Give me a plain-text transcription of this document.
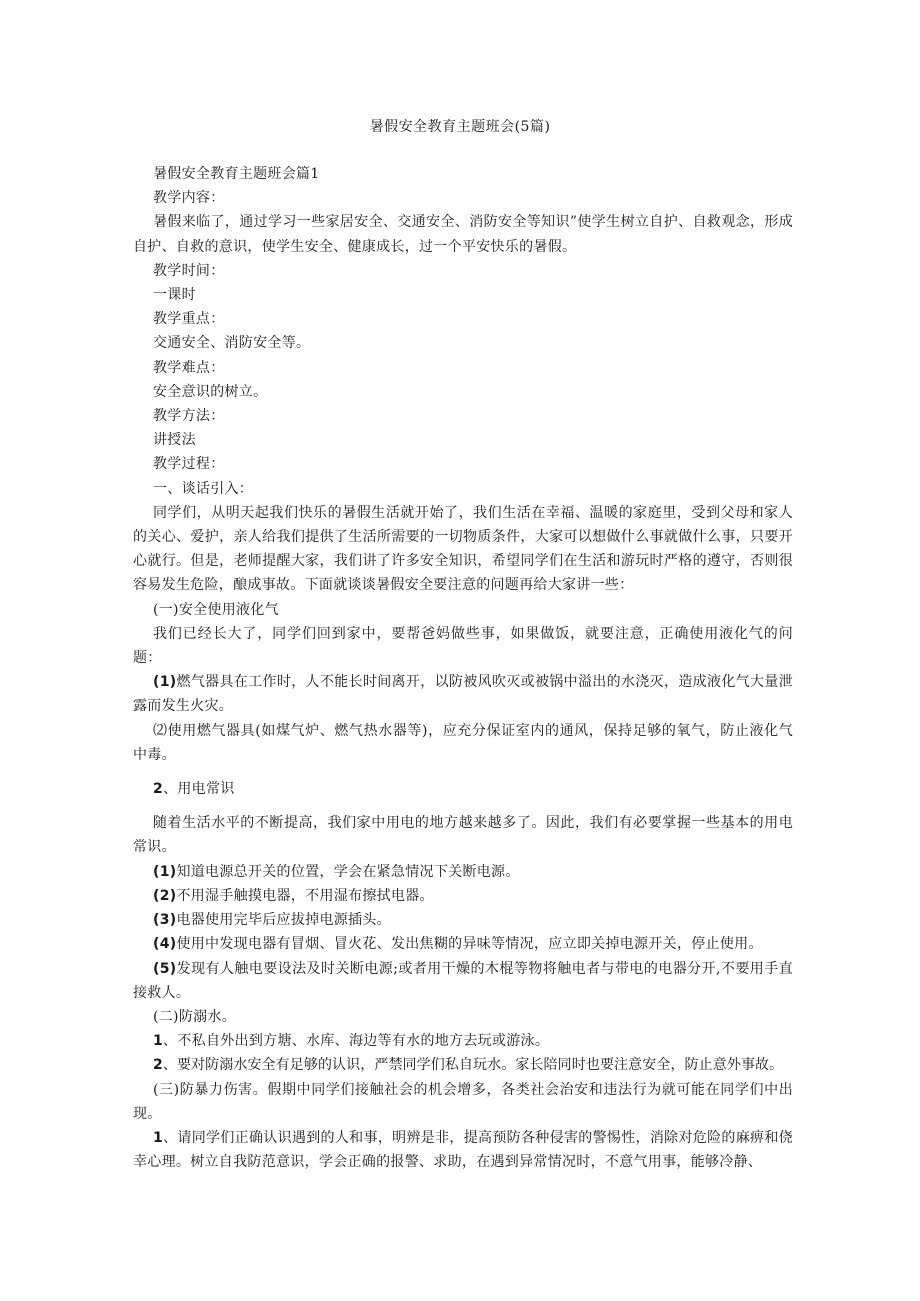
暑假安全教育主题班会(5篇)

暑假安全教育主题班会篇1

教学内容：

暑假来临了，通过学习一些家居安全、交通安全、消防安全等知识”使学生树立自护、自救观念，形成自护、自救的意识，使学生安全、健康成长，过一个平安快乐的暑假。

教学时间：

一课时

教学重点：

交通安全、消防安全等。

教学难点：

安全意识的树立。

教学方法：

讲授法

教学过程：

一、谈话引入：

同学们，从明天起我们快乐的暑假生活就开始了，我们生活在幸福、温暖的家庭里，受到父母和家人的关心、爱护，亲人给我们提供了生活所需要的一切物质条件，大家可以想做什么事就做什么事，只要开心就行。但是，老师提醒大家，我们讲了许多安全知识，希望同学们在生活和游玩时严格的遵守，否则很容易发生危险，酿成事故。下面就谈谈暑假安全要注意的问题再给大家讲一些：

(一)安全使用液化气

我们已经长大了，同学们回到家中，要帮爸妈做些事，如果做饭，就要注意，正确使用液化气的问题：

(1)燃气器具在工作时，人不能长时间离开，以防被风吹灭或被锅中溢出的水浇灭，造成液化气大量泄露而发生火灾。

⑵使用燃气器具(如煤气炉、燃气热水器等)，应充分保证室内的通风，保持足够的氧气，防止液化气中毒。

2、用电常识

随着生活水平的不断提高，我们家中用电的地方越来越多了。因此，我们有必要掌握一些基本的用电常识。

(1)知道电源总开关的位置，学会在紧急情况下关断电源。

(2)不用湿手触摸电器，不用湿布擦拭电器。

(3)电器使用完毕后应拔掉电源插头。

(4)使用中发现电器有冒烟、冒火花、发出焦糊的异味等情况，应立即关掉电源开关，停止使用。

(5)发现有人触电要设法及时关断电源;或者用干燥的木棍等物将触电者与带电的电器分开,不要用手直接救人。

(二)防溺水。

1、不私自外出到方塘、水库、海边等有水的地方去玩或游泳。

2、要对防溺水安全有足够的认识，严禁同学们私自玩水。家长陪同时也要注意安全，防止意外事故。

(三)防暴力伤害。假期中同学们接触社会的机会增多，各类社会治安和违法行为就可能在同学们中出现。

1、请同学们正确认识遇到的人和事，明辨是非，提高预防各种侵害的警惕性，消除对危险的麻痹和侥幸心理。树立自我防范意识，学会正确的报警、求助，在遇到异常情况时，不意气用事，能够冷静、
